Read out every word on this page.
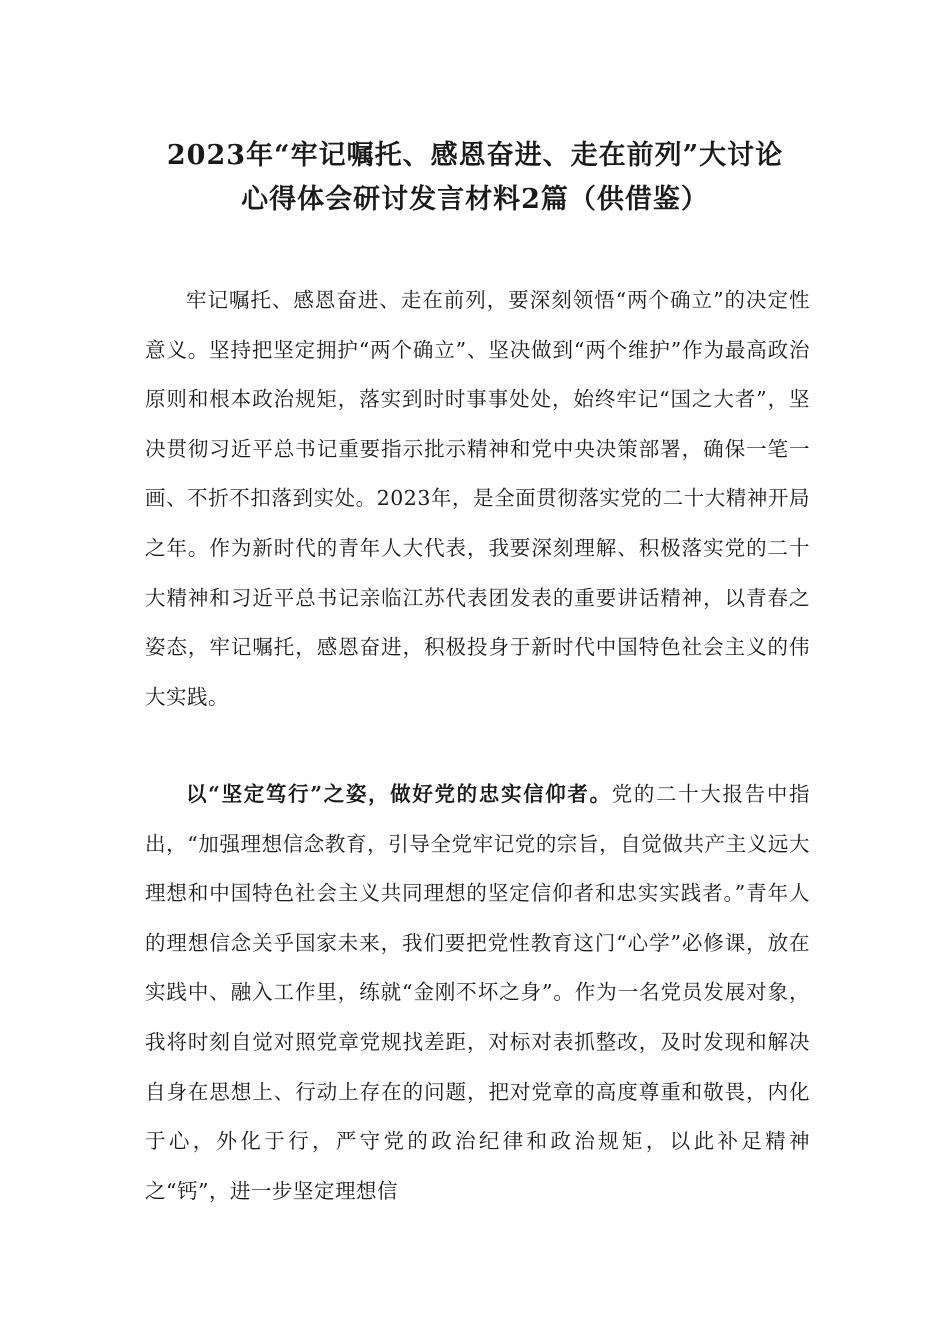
2023年“牢记嘱托、感恩奋进、走在前列”大讨论
心得体会研讨发言材料2篇（供借鉴）
牢记嘱托、感恩奋进、走在前列，要深刻领悟“两个确立”的决定性意义。坚持把坚定拥护“两个确立”、坚决做到“两个维护”作为最高政治原则和根本政治规矩，落实到时时事事处处，始终牢记“国之大者”，坚决贯彻习近平总书记重要指示批示精神和党中央决策部署，确保一笔一画、不折不扣落到实处。2023年，是全面贯彻落实党的二十大精神开局之年。作为新时代的青年人大代表，我要深刻理解、积极落实党的二十大精神和习近平总书记亲临江苏代表团发表的重要讲话精神，以青春之姿态，牢记嘱托，感恩奋进，积极投身于新时代中国特色社会主义的伟大实践。
以“坚定笃行”之姿，做好党的忠实信仰者。党的二十大报告中指出，“加强理想信念教育，引导全党牢记党的宗旨，自觉做共产主义远大理想和中国特色社会主义共同理想的坚定信仰者和忠实实践者。”青年人的理想信念关乎国家未来，我们要把党性教育这门“心学”必修课，放在实践中、融入工作里，练就“金刚不坏之身”。作为一名党员发展对象，我将时刻自觉对照党章党规找差距，对标对表抓整改，及时发现和解决自身在思想上、行动上存在的问题，把对党章的高度尊重和敬畏，内化于心，外化于行，严守党的政治纪律和政治规矩，以此补足精神之“钙”，进一步坚定理想信
